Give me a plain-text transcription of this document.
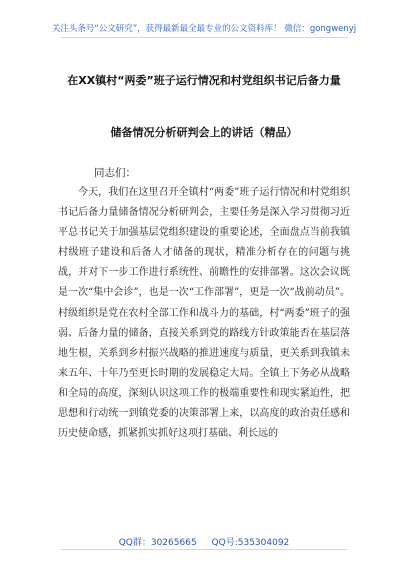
关注头条号“公文研究”，获得最新最全最专业的公文资料库！ 微信：gongwenyj
在XX镇村“两委”班子运行情况和村党组织书记后备力量
储备情况分析研判会上的讲话（精品）
同志们：

今天，我们在这里召开全镇村“两委”班子运行情况和村党组织书记后备力量储备情况分析研判会，主要任务是深入学习贯彻习近平总书记关于加强基层党组织建设的重要论述，全面盘点当前我镇村级班子建设和后备人才储备的现状，精准分析存在的问题与挑战，并对下一步工作进行系统性、前瞻性的安排部署。这次会议既是一次“集中会诊”，也是一次“工作部署”，更是一次“战前动员”。村级组织是党在农村全部工作和战斗力的基础，村“两委”班子的强弱、后备力量的储备，直接关系到党的路线方针政策能否在基层落地生根，关系到乡村振兴战略的推进速度与质量，更关系到我镇未来五年、十年乃至更长时期的发展稳定大局。全镇上下务必从战略和全局的高度，深刻认识这项工作的极端重要性和现实紧迫性，把思想和行动统一到镇党委的决策部署上来，以高度的政治责任感和历史使命感，抓紧抓实抓好这项打基础、利长远的

QQ群：30265665 QQ号:535304092
